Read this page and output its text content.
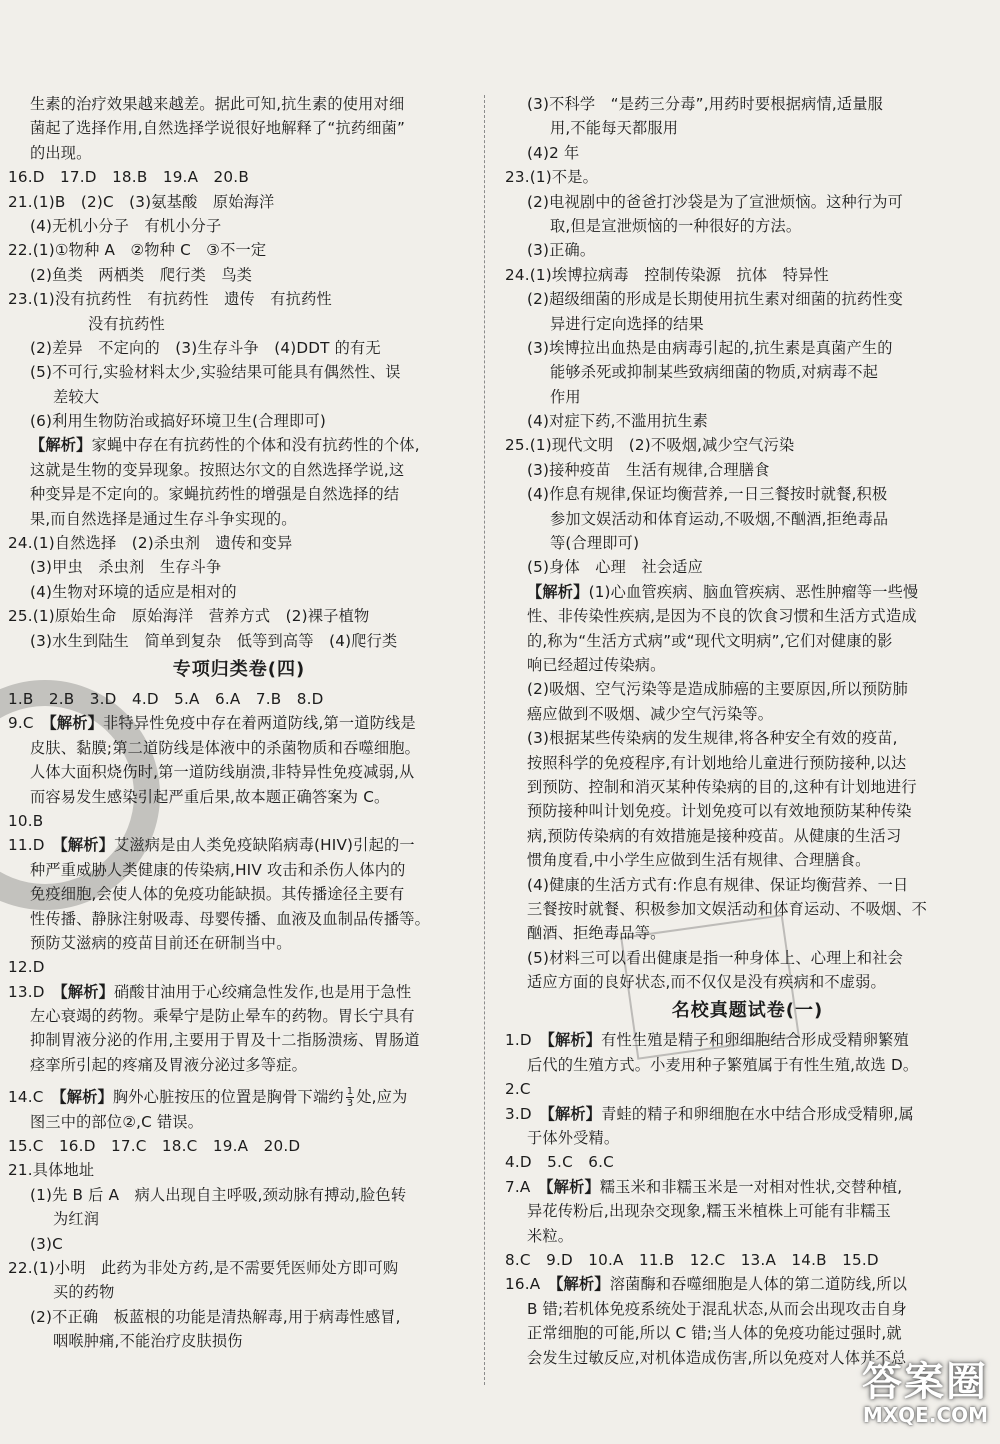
生素的治疗效果越来越差。据此可知,抗生素的使用对细
菌起了选择作用,自然选择学说很好地解释了“抗药细菌”
的出现。
16.D　17.D　18.B　19.A　20.B
21.(1)B　(2)C　(3)氨基酸　原始海洋
(4)无机小分子　有机小分子
22.(1)①物种 A　②物种 C　③不一定
(2)鱼类　两栖类　爬行类　鸟类
23.(1)没有抗药性　有抗药性　遗传　有抗药性
没有抗药性
(2)差异　不定向的　(3)生存斗争　(4)DDT 的有无
(5)不可行,实验材料太少,实验结果可能具有偶然性、误
差较大
(6)利用生物防治或搞好环境卫生(合理即可)
【解析】家蝇中存在有抗药性的个体和没有抗药性的个体,
这就是生物的变异现象。按照达尔文的自然选择学说,这
种变异是不定向的。家蝇抗药性的增强是自然选择的结
果,而自然选择是通过生存斗争实现的。
24.(1)自然选择　(2)杀虫剂　遗传和变异
(3)甲虫　杀虫剂　生存斗争
(4)生物对环境的适应是相对的
25.(1)原始生命　原始海洋　营养方式　(2)裸子植物
(3)水生到陆生　简单到复杂　低等到高等　(4)爬行类
专项归类卷(四)
1.B　2.B　3.D　4.D　5.A　6.A　7.B　8.D
9.C　【解析】非特异性免疫中存在着两道防线,第一道防线是
皮肤、黏膜;第二道防线是体液中的杀菌物质和吞噬细胞。
人体大面积烧伤时,第一道防线崩溃,非特异性免疫减弱,从
而容易发生感染引起严重后果,故本题正确答案为 C。
10.B
11.D　【解析】艾滋病是由人类免疫缺陷病毒(HIV)引起的一
种严重威胁人类健康的传染病,HIV 攻击和杀伤人体内的
免疫细胞,会使人体的免疫功能缺损。其传播途径主要有
性传播、静脉注射吸毒、母婴传播、血液及血制品传播等。
预防艾滋病的疫苗目前还在研制当中。
12.D
13.D　【解析】硝酸甘油用于心绞痛急性发作,也是用于急性
左心衰竭的药物。乘晕宁是防止晕车的药物。胃长宁具有
抑制胃液分泌的作用,主要用于胃及十二指肠溃疡、胃肠道
痉挛所引起的疼痛及胃液分泌过多等症。
14.C　【解析】胸外心脏按压的位置是胸骨下端约 $\frac{1}{3}$ 处,应为
图三中的部位②,C 错误。
15.C　16.D　17.C　18.C　19.A　20.D
21.具体地址
(1)先 B 后 A　病人出现自主呼吸,颈动脉有搏动,脸色转
为红润
(3)C
22.(1)小明　此药为非处方药,是不需要凭医师处方即可购
买的药物
(2)不正确　板蓝根的功能是清热解毒,用于病毒性感冒,
咽喉肿痛,不能治疗皮肤损伤
(3)不科学　“是药三分毒”,用药时要根据病情,适量服
用,不能每天都服用
(4)2 年
23.(1)不是。
(2)电视剧中的爸爸打沙袋是为了宣泄烦恼。这种行为可
取,但是宣泄烦恼的一种很好的方法。
(3)正确。
24.(1)埃博拉病毒　控制传染源　抗体　特异性
(2)超级细菌的形成是长期使用抗生素对细菌的抗药性变
异进行定向选择的结果
(3)埃博拉出血热是由病毒引起的,抗生素是真菌产生的
能够杀死或抑制某些致病细菌的物质,对病毒不起
作用
(4)对症下药,不滥用抗生素
25.(1)现代文明　(2)不吸烟,减少空气污染
(3)接种疫苗　生活有规律,合理膳食
(4)作息有规律,保证均衡营养,一日三餐按时就餐,积极
参加文娱活动和体育运动,不吸烟,不酗酒,拒绝毒品
等(合理即可)
(5)身体　心理　社会适应
【解析】(1)心血管疾病、脑血管疾病、恶性肿瘤等一些慢
性、非传染性疾病,是因为不良的饮食习惯和生活方式造成
的,称为“生活方式病”或“现代文明病”,它们对健康的影
响已经超过传染病。
(2)吸烟、空气污染等是造成肺癌的主要原因,所以预防肺
癌应做到不吸烟、减少空气污染等。
(3)根据某些传染病的发生规律,将各种安全有效的疫苗,
按照科学的免疫程序,有计划地给儿童进行预防接种,以达
到预防、控制和消灭某种传染病的目的,这种有计划地进行
预防接种叫计划免疫。计划免疫可以有效地预防某种传染
病,预防传染病的有效措施是接种疫苗。从健康的生活习
惯角度看,中小学生应做到生活有规律、合理膳食。
(4)健康的生活方式有:作息有规律、保证均衡营养、一日
三餐按时就餐、积极参加文娱活动和体育运动、不吸烟、不
酗酒、拒绝毒品等。
(5)材料三可以看出健康是指一种身体上、心理上和社会
适应方面的良好状态,而不仅仅是没有疾病和不虚弱。
名校真题试卷(一)
1.D　【解析】有性生殖是精子和卵细胞结合形成受精卵繁殖
后代的生殖方式。小麦用种子繁殖属于有性生殖,故选 D。
2.C
3.D　【解析】青蛙的精子和卵细胞在水中结合形成受精卵,属
于体外受精。
4.D　5.C　6.C
7.A　【解析】糯玉米和非糯玉米是一对相对性状,交替种植,
异花传粉后,出现杂交现象,糯玉米植株上可能有非糯玉
米粒。
8.C　9.D　10.A　11.B　12.C　13.A　14.B　15.D
16.A　【解析】溶菌酶和吞噬细胞是人体的第二道防线,所以
B 错;若机体免疫系统处于混乱状态,从而会出现攻击自身
正常细胞的可能,所以 C 错;当人体的免疫功能过强时,就
会发生过敏反应,对机体造成伤害,所以免疫对人体并不总
答案圈
MXQE.COM
